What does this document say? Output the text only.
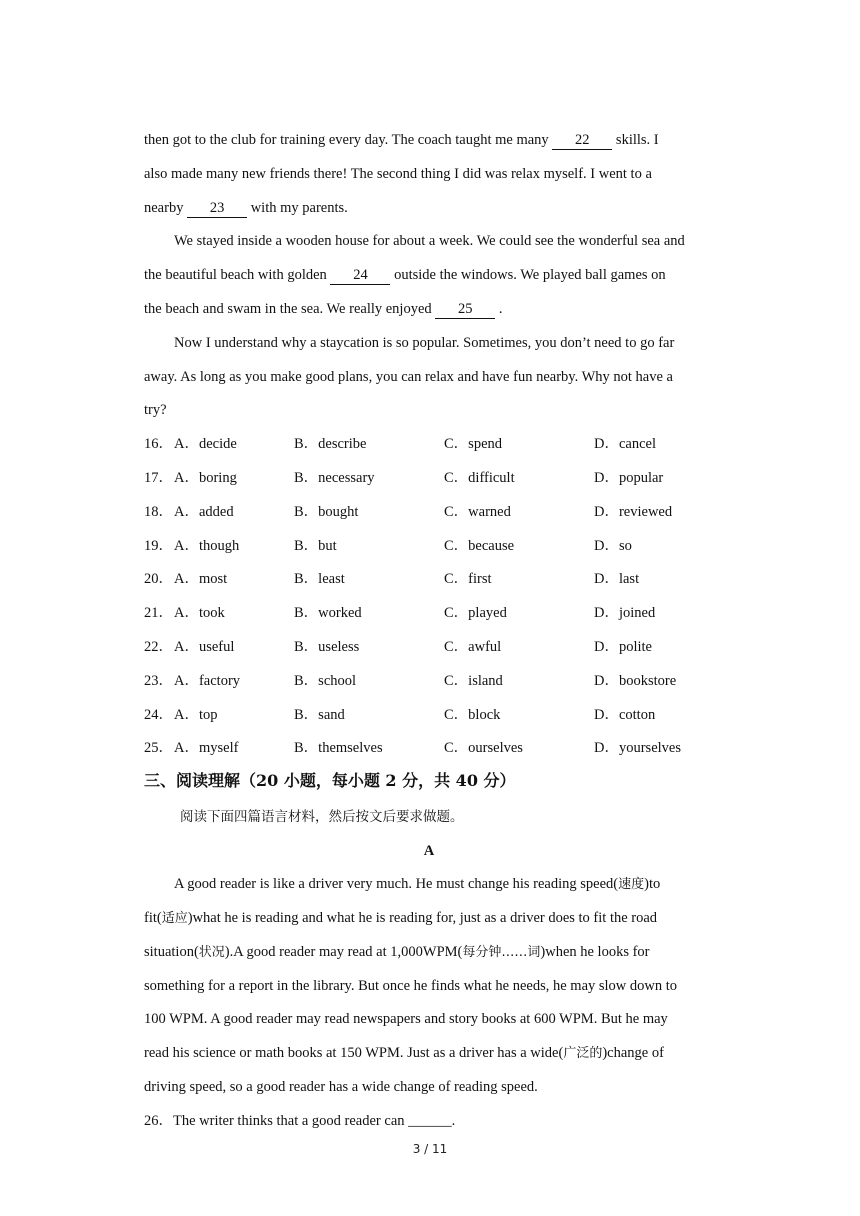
then got to the club for training every day. The coach taught me many 22 skills. I
also made many new friends there! The second thing I did was relax myself. I went to a
nearby 23 with my parents.
We stayed inside a wooden house for about a week. We could see the wonderful sea and
the beautiful beach with golden 24 outside the windows. We played ball games on
the beach and swam in the sea. We really enjoyed 25 .
Now I understand why a staycation is so popular. Sometimes, you don’t need to go far
away. As long as you make good plans, you can relax and have fun nearby. Why not have a
try?
16． A．decide	B．describe	C．spend	D．cancel
17． A．boring	B．necessary	C．difficult	D．popular
18． A．added	B．bought	C．warned	D．reviewed
19． A．though	B．but	C．because	D．so
20． A．most	B．least	C．first	D．last
21． A．took	B．worked	C．played	D．joined
22． A．useful	B．useless	C．awful	D．polite
23． A．factory	B．school	C．island	D．bookstore
24． A．top	B．sand	C．block	D．cotton
25． A．myself	B．themselves	C．ourselves	D．yourselves
三、阅读理解（20 小题，每小题 2 分，共 40 分）
阅读下面四篇语言材料，然后按文后要求做题。
A
A good reader is like a driver very much. He must change his reading speed(速度)to
fit(适应)what he is reading and what he is reading for, just as a driver does to fit the road
situation(状况).A good reader may read at 1,000WPM(每分钟……词)when he looks for
something for a report in the library. But once he finds what he needs, he may slow down to
100 WPM. A good reader may read newspapers and story books at 600 WPM. But he may
read his science or math books at 150 WPM. Just as a driver has a wide(广泛的)change of
driving speed, so a good reader has a wide change of reading speed.
26．The writer thinks that a good reader can ______.
3 / 11
